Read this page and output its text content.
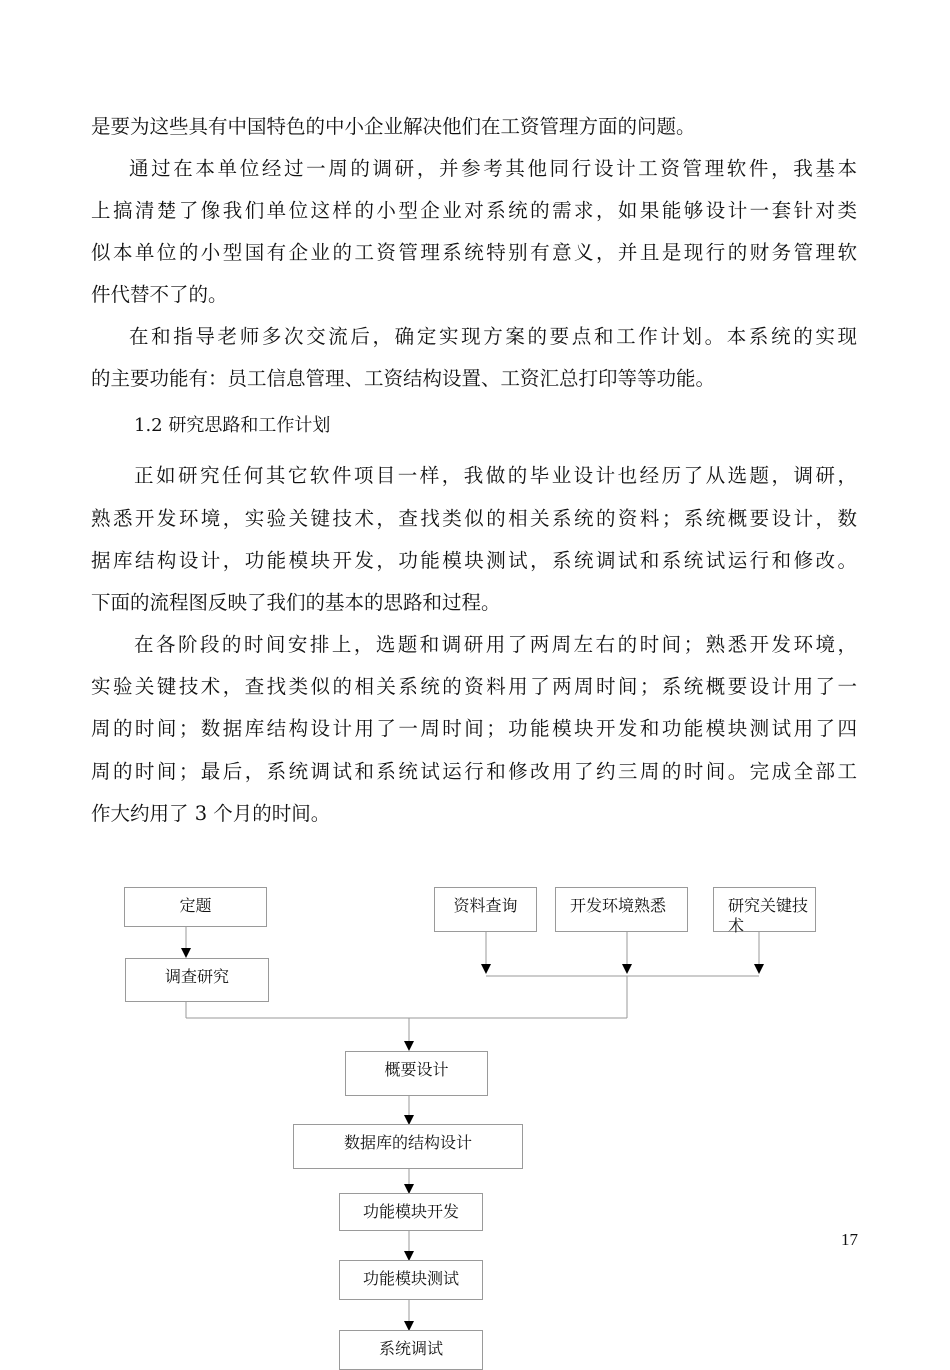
是要为这些具有中国特色的中小企业解决他们在工资管理方面的问题。
通过在本单位经过一周的调研，并参考其他同行设计工资管理软件，我基本
上搞清楚了像我们单位这样的小型企业对系统的需求，如果能够设计一套针对类
似本单位的小型国有企业的工资管理系统特别有意义，并且是现行的财务管理软
件代替不了的。
在和指导老师多次交流后，确定实现方案的要点和工作计划。本系统的实现
的主要功能有：员工信息管理、工资结构设置、工资汇总打印等等功能。
1.2 研究思路和工作计划
正如研究任何其它软件项目一样，我做的毕业设计也经历了从选题，调研，
熟悉开发环境，实验关键技术，查找类似的相关系统的资料；系统概要设计，数
据库结构设计，功能模块开发，功能模块测试，系统调试和系统试运行和修改。
下面的流程图反映了我们的基本的思路和过程。
在各阶段的时间安排上，选题和调研用了两周左右的时间；熟悉开发环境，
实验关键技术，查找类似的相关系统的资料用了两周时间；系统概要设计用了一
周的时间；数据库结构设计用了一周时间；功能模块开发和功能模块测试用了四
周的时间；最后，系统调试和系统试运行和修改用了约三周的时间。完成全部工
作大约用了 3 个月的时间。
定题
调查研究
资料查询	开发环境熟悉	研究关键技术
概要设计
数据库的结构设计
功能模块开发
功能模块测试
系统调试
17
